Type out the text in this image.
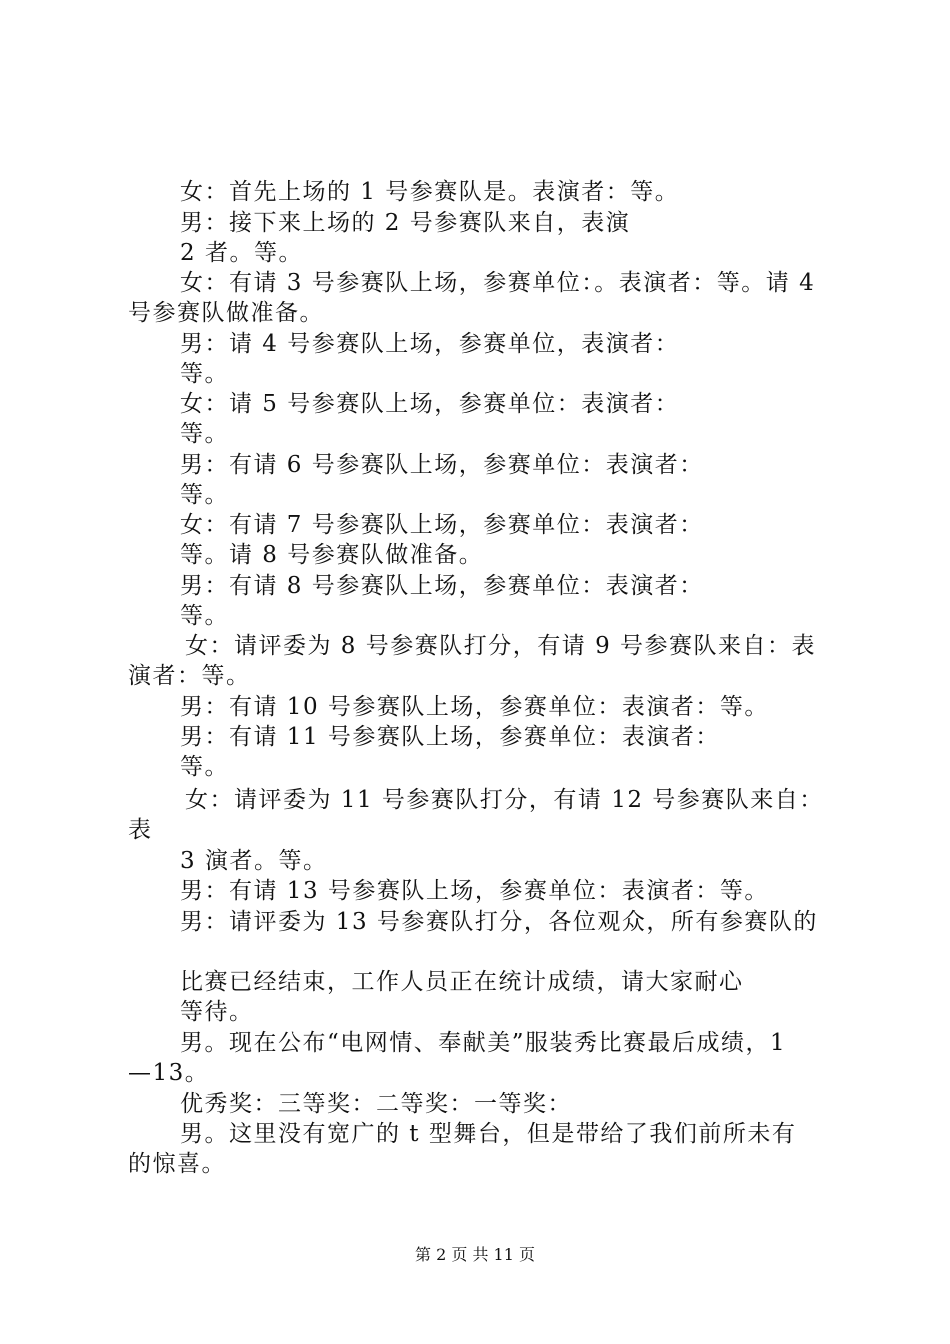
女：首先上场的 1 号参赛队是。表演者：等。
男：接下来上场的 2 号参赛队来自，表演
2 者。等。
女：有请 3 号参赛队上场，参赛单位：。表演者：等。请 4
号参赛队做准备。
男：请 4 号参赛队上场，参赛单位，表演者：
等。
女：请 5 号参赛队上场，参赛单位：表演者：
等。
男：有请 6 号参赛队上场，参赛单位：表演者：
等。
女：有请 7 号参赛队上场，参赛单位：表演者：
等。请 8 号参赛队做准备。
男：有请 8 号参赛队上场，参赛单位：表演者：
等。
女：请评委为 8 号参赛队打分，有请 9 号参赛队来自：表
演者：等。
男：有请 10 号参赛队上场，参赛单位：表演者：等。
男：有请 11 号参赛队上场，参赛单位：表演者：
等。
女：请评委为 11 号参赛队打分，有请 12 号参赛队来自：
表
3 演者。等。
男：有请 13 号参赛队上场，参赛单位：表演者：等。
男：请评委为 13 号参赛队打分，各位观众，所有参赛队的
比赛已经结束，工作人员正在统计成绩，请大家耐心
等待。
男。现在公布“电网情、奉献美”服装秀比赛最后成绩，1
—13。
优秀奖：三等奖：二等奖：一等奖：
男。这里没有宽广的 t 型舞台，但是带给了我们前所未有
的惊喜。
第 2 页 共 11 页
